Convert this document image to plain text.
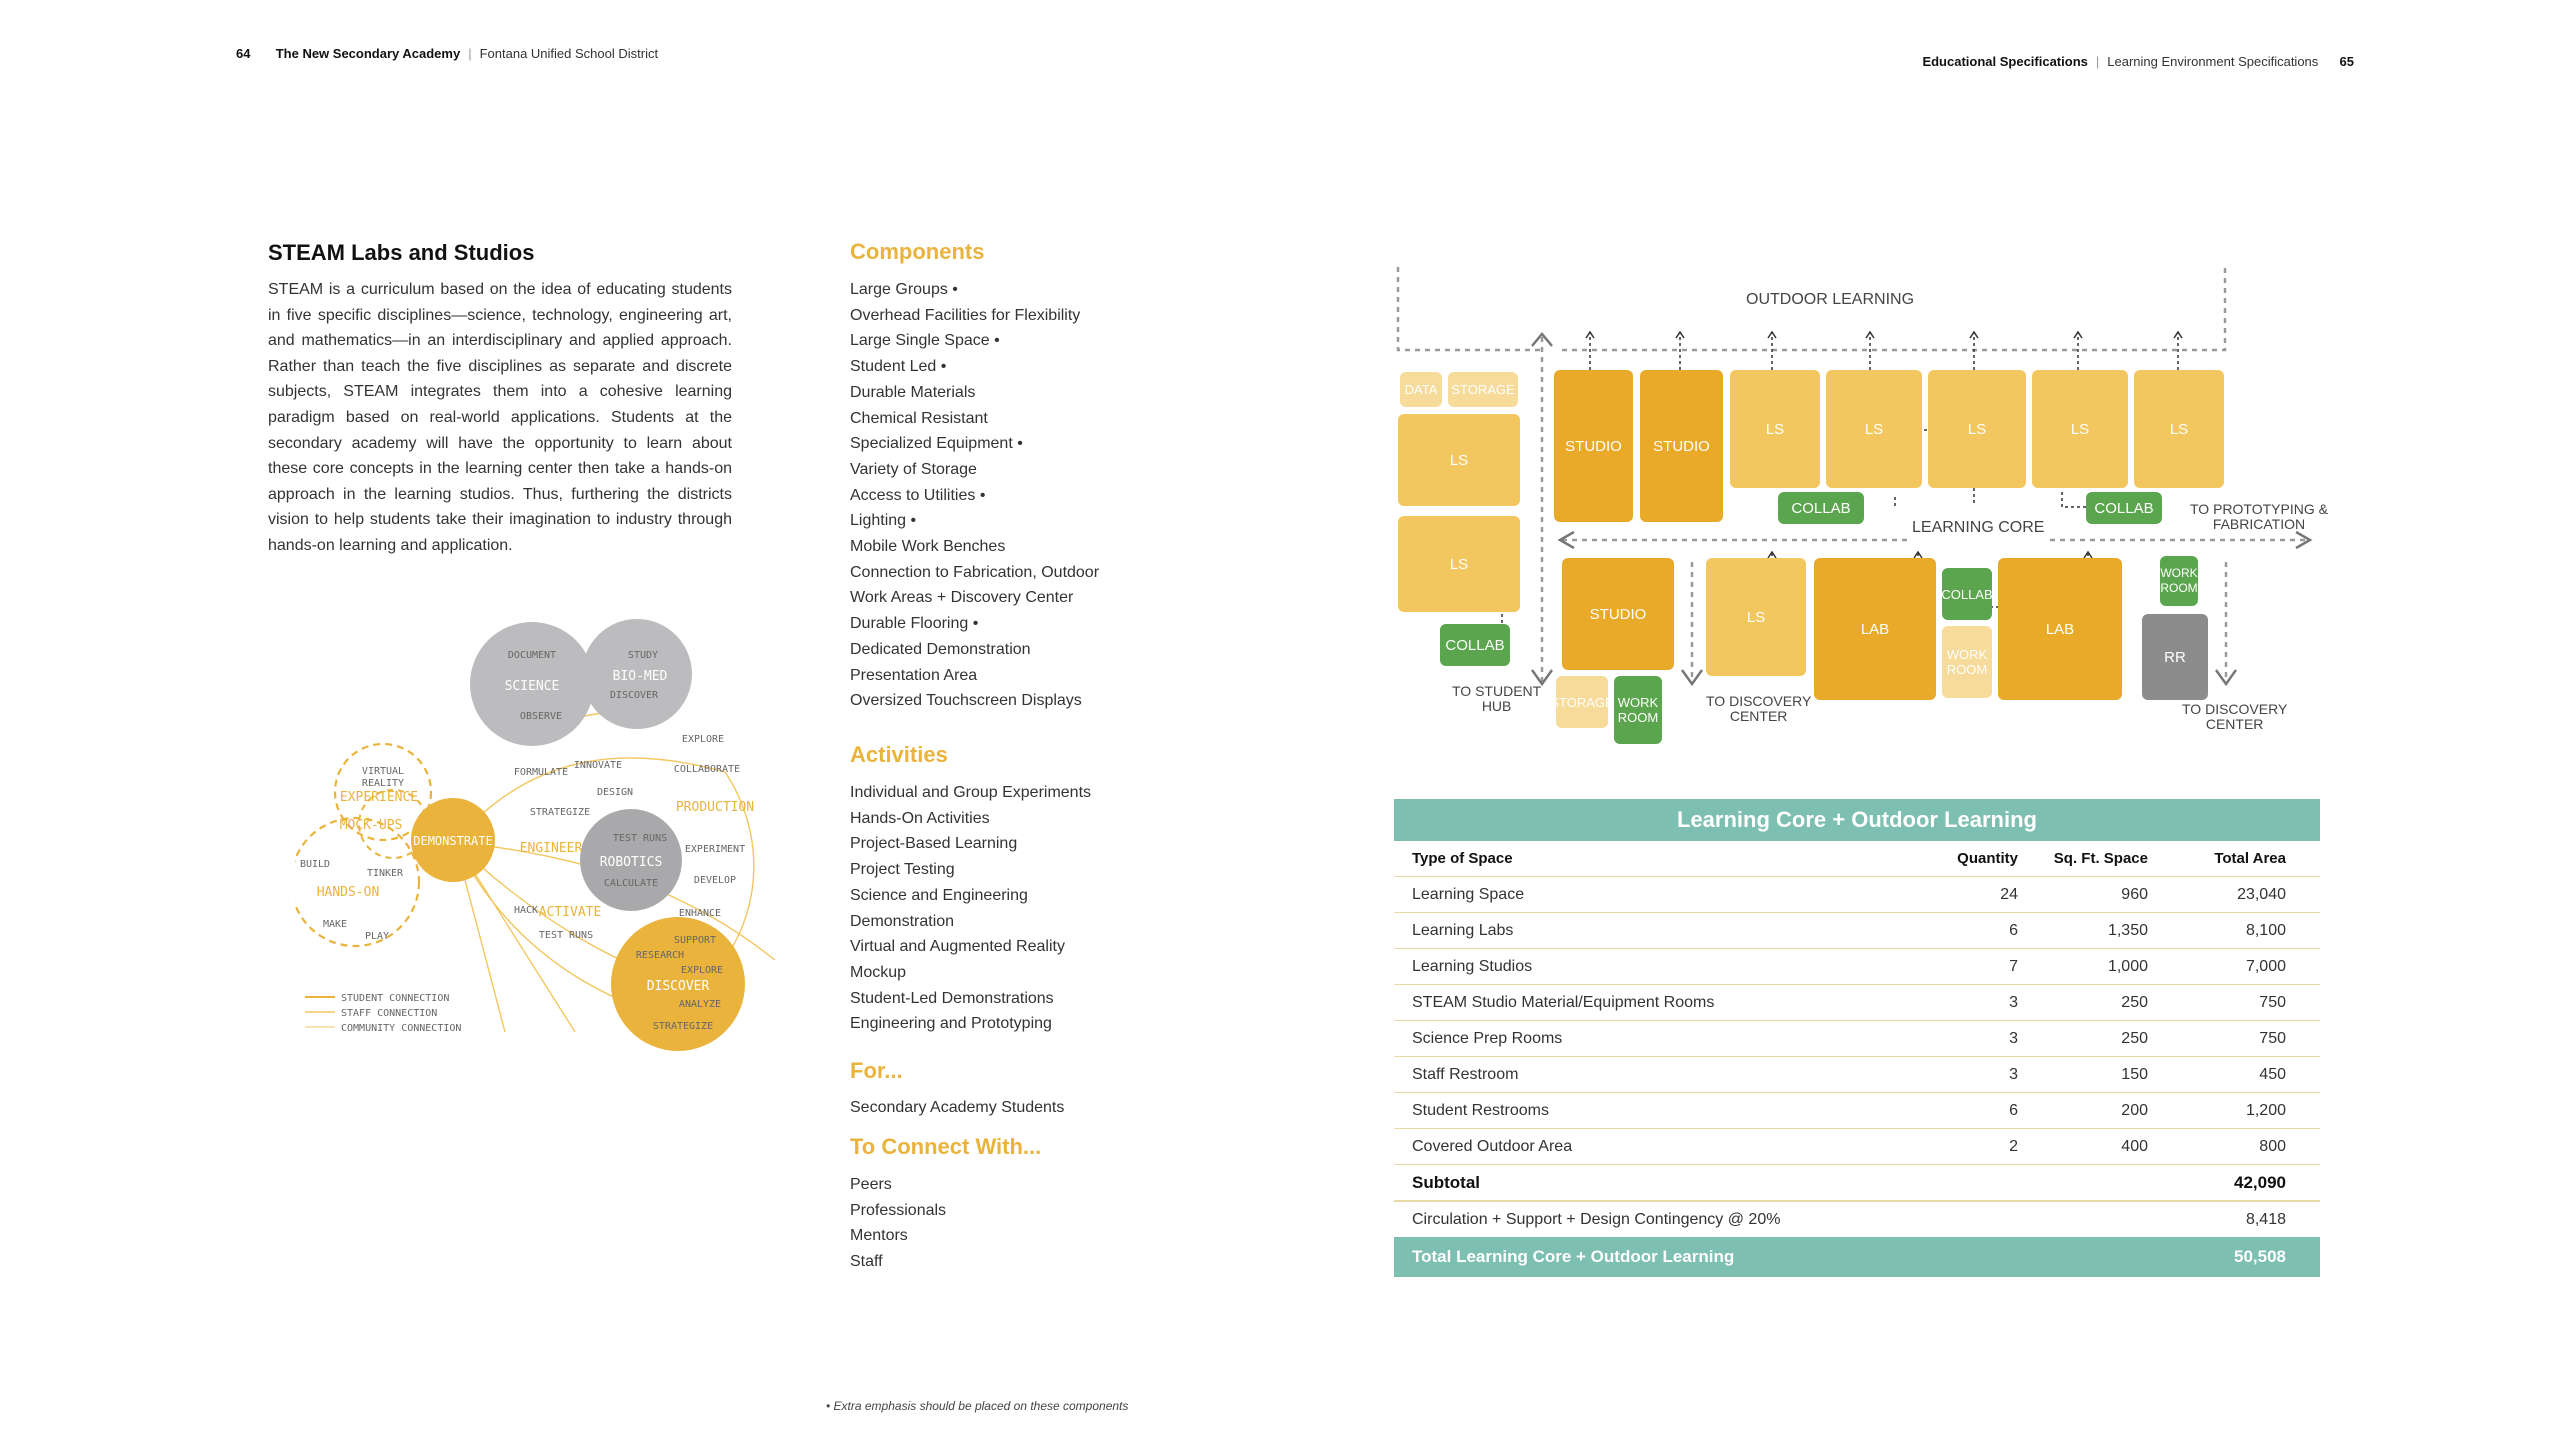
64 The New Secondary Academy | Fontana Unified School District
Educational Specifications | Learning Environment Specifications 65
STEAM Labs and Studios
STEAM is a curriculum based on the idea of educating students in five specific disciplines—science, technology, engineering art, and mathematics—in an interdisciplinary and applied approach. Rather than teach the five disciplines as separate and discrete subjects, STEAM integrates them into a cohesive learning paradigm based on real-world applications. Students at the secondary academy will have the opportunity to learn about these core concepts in the learning center then take a hands-on approach in the learning studios. Thus, furthering the districts vision to help students take their imagination to industry through hands-on learning and application.
SCIENCE
BIO-MED
ROBOTICS
DEMONSTRATE
DISCOVER
DOCUMENT
OBSERVE
STUDY
DISCOVER
EXPLORE
COLLABORATE
EXPERIMENT
DEVELOP
ENHANCE
FORMULATE
INNOVATE
DESIGN
STRATEGIZE
TEST RUNS
CALCULATE
HACK
TEST RUNS	SUPPORT
RESEARCH
EXPLORE
ANALYZE
STRATEGIZE
VIRTUAL
REALITY
BUILD
TINKER
MAKE
PLAY
PRODUCTION
ENGINEER
ACTIVATE
EXPERIENCE
MOCK-UPS
HANDS-ON
STUDENT CONNECTION
STAFF CONNECTION
COMMUNITY CONNECTION
Components
Large Groups •
Overhead Facilities for Flexibility
Large Single Space •
Student Led •
Durable Materials
Chemical Resistant
Specialized Equipment •
Variety of Storage
Access to Utilities •
Lighting •
Mobile Work Benches
Connection to Fabrication, Outdoor
Work Areas + Discovery Center
Durable Flooring •
Dedicated Demonstration
Presentation Area
Oversized Touchscreen Displays
Activities
Individual and Group Experiments
Hands-On Activities
Project-Based Learning
Project Testing
Science and Engineering
Demonstration
Virtual and Augmented Reality
Mockup
Student-Led Demonstrations
Engineering and Prototyping
For...
Secondary Academy Students
To Connect With...
Peers
Professionals
Mentors
Staff
• Extra emphasis should be placed on these components
OUTDOOR LEARNING
LEARNING CORE
DATA	STORAGE
LS
LS
COLLAB
STUDIO	STUDIO
LS	LS	LS	LS	LS
COLLAB	COLLAB
STUDIO
STORAGE WORK
ROOM
LS
LAB
COLLAB
WORK
ROOM
LAB
WORK
ROOM
RR
TO STUDENT
HUB	TO DISCOVERY
CENTER	TO DISCOVERY
CENTER
TO PROTOTYPING &
FABRICATION
Learning Core + Outdoor Learning
Type of Space	Quantity	Sq. Ft. Space	Total Area
Learning Space	24	960	23,040
Learning Labs	6	1,350	8,100
Learning Studios	7	1,000	7,000
STEAM Studio Material/Equipment Rooms	3	250	750
Science Prep Rooms	3	250	750
Staff Restroom	3	150	450
Student Restrooms	6	200	1,200
Covered Outdoor Area	2	400	800
Subtotal	42,090
Circulation + Support + Design Contingency @ 20%	8,418
Total Learning Core + Outdoor Learning	50,508
